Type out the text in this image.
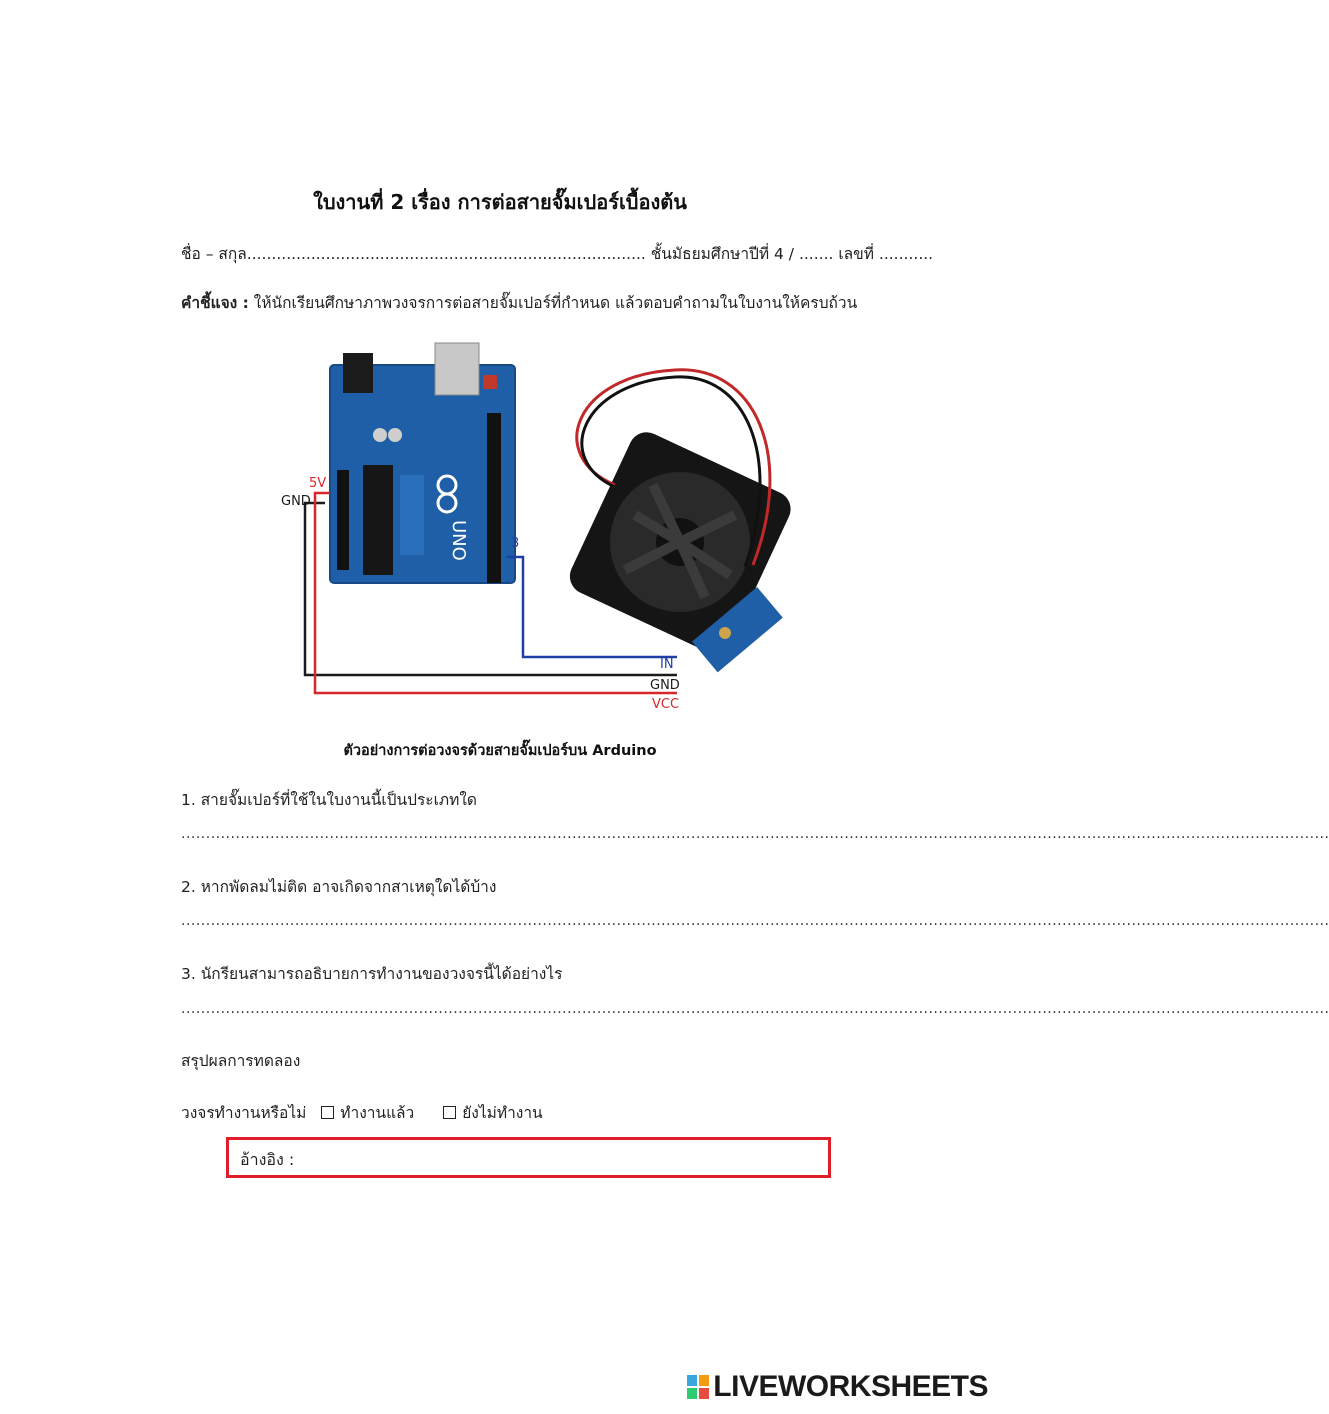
ใบงานที่ 2 เรื่อง การต่อสายจั๊มเปอร์เบื้องต้น
ชื่อ – สกุล................................................................................. ชั้นมัธยมศึกษาปีที่ 4 / ....... เลขที่ ...........
คำชี้แจง : ให้นักเรียนศึกษาภาพวงจรการต่อสายจั๊มเปอร์ที่กำหนด แล้วตอบคำถามในใบงานให้ครบถ้วน
UNO
5V
GND
3
IN
GND
VCC
ตัวอย่างการต่อวงจรด้วยสายจั๊มเปอร์บน Arduino
1. สายจั๊มเปอร์ที่ใช้ในใบงานนี้เป็นประเภทใด
........................................................................................................................................................................................................................................
2. หากพัดลมไม่ติด อาจเกิดจากสาเหตุใดได้บ้าง
........................................................................................................................................................................................................................................
3. นักรียนสามารถอธิบายการทำงานของวงจรนี้ได้อย่างไร
........................................................................................................................................................................................................................................
สรุปผลการทดลอง
วงจรทำงานหรือไม่ ทำงานแล้ว	ยังไม่ทำงาน
อ้างอิง :
LIVEWORKSHEETS
